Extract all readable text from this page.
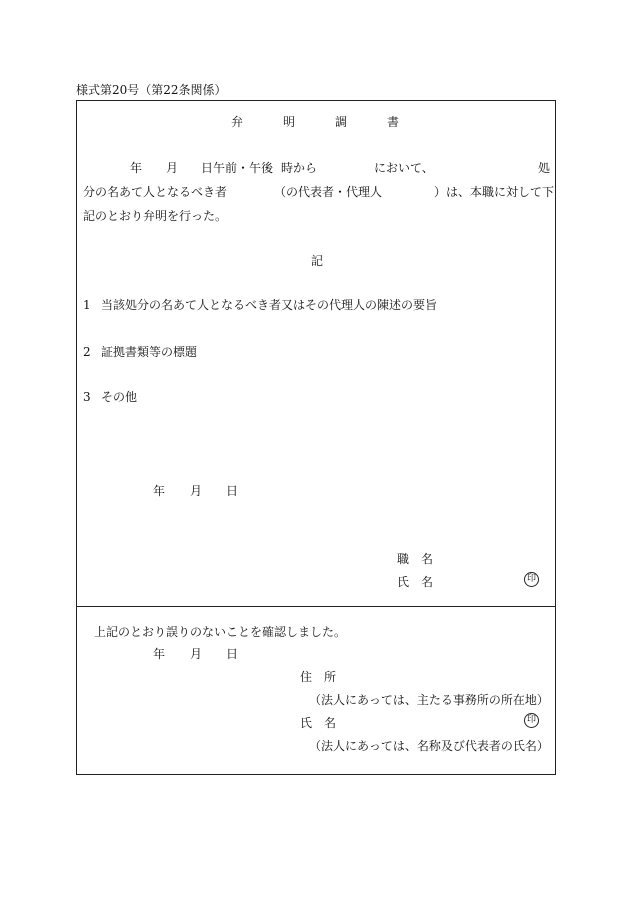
様式第20号（第22条関係）
弁　明　調　書
年 月 日午前・午後 時から	において、	処
分の名あて人となるべき者	（の代表者・代理人	）は、本職に対して下
記のとおり弁明を行った。
記
1 当該処分の名あて人となるべき者又はその代理人の陳述の要旨
2 証拠書類等の標題
3 その他
年 月 日
職　名
氏　名	印
上記のとおり誤りのないことを確認しました。
年 月 日
住　所
（法人にあっては、主たる事務所の所在地）
氏　名	印
（法人にあっては、名称及び代表者の氏名）
